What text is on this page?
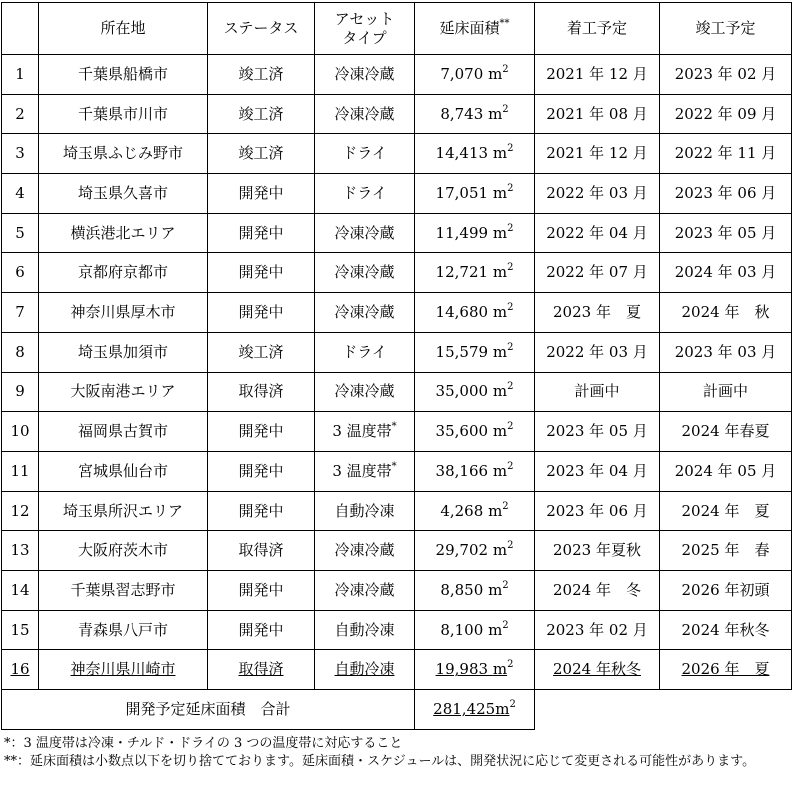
	所在地	ステータス	アセット
タイプ	延床面積**	着工予定	竣工予定
1	千葉県船橋市	竣工済	冷凍冷蔵	7,070 $m^2$	2021 年 12 月	2023 年 02 月
2	千葉県市川市	竣工済	冷凍冷蔵	8,743 $m^2$	2021 年 08 月	2022 年 09 月
3	埼玉県ふじみ野市	竣工済	ドライ	14,413 $m^2$	2021 年 12 月	2022 年 11 月
4	埼玉県久喜市	開発中	ドライ	17,051 $m^2$	2022 年 03 月	2023 年 06 月
5	横浜港北エリア	開発中	冷凍冷蔵	11,499 $m^2$	2022 年 04 月	2023 年 05 月
6	京都府京都市	開発中	冷凍冷蔵	12,721 $m^2$	2022 年 07 月	2024 年 03 月
7	神奈川県厚木市	開発中	冷凍冷蔵	14,680 $m^2$	2023 年　夏	2024 年　秋
8	埼玉県加須市	竣工済	ドライ	15,579 $m^2$	2022 年 03 月	2023 年 03 月
9	大阪南港エリア	取得済	冷凍冷蔵	35,000 $m^2$	計画中	計画中
10	福岡県古賀市	開発中	3 温度帯*	35,600 $m^2$	2023 年 05 月	2024 年春夏
11	宮城県仙台市	開発中	3 温度帯*	38,166 $m^2$	2023 年 04 月	2024 年 05 月
12	埼玉県所沢エリア	開発中	自動冷凍	4,268 $m^2$	2023 年 06 月	2024 年　夏
13	大阪府茨木市	取得済	冷凍冷蔵	29,702 $m^2$	2023 年夏秋	2025 年　春
14	千葉県習志野市	開発中	冷凍冷蔵	8,850 $m^2$	2024 年　冬	2026 年初頭
15	青森県八戸市	開発中	自動冷凍	8,100 $m^2$	2023 年 02 月	2024 年秋冬
16	神奈川県川崎市	取得済	自動冷凍	19,983 $m^2$	2024 年秋冬	2026 年　夏
開発予定延床面積　合計				$281,425m^2$	

*：3 温度帯は冷凍・チルド・ドライの 3 つの温度帯に対応すること

**：延床面積は小数点以下を切り捨てております。延床面積・スケジュールは、開発状況に応じて変更される可能性があります。
